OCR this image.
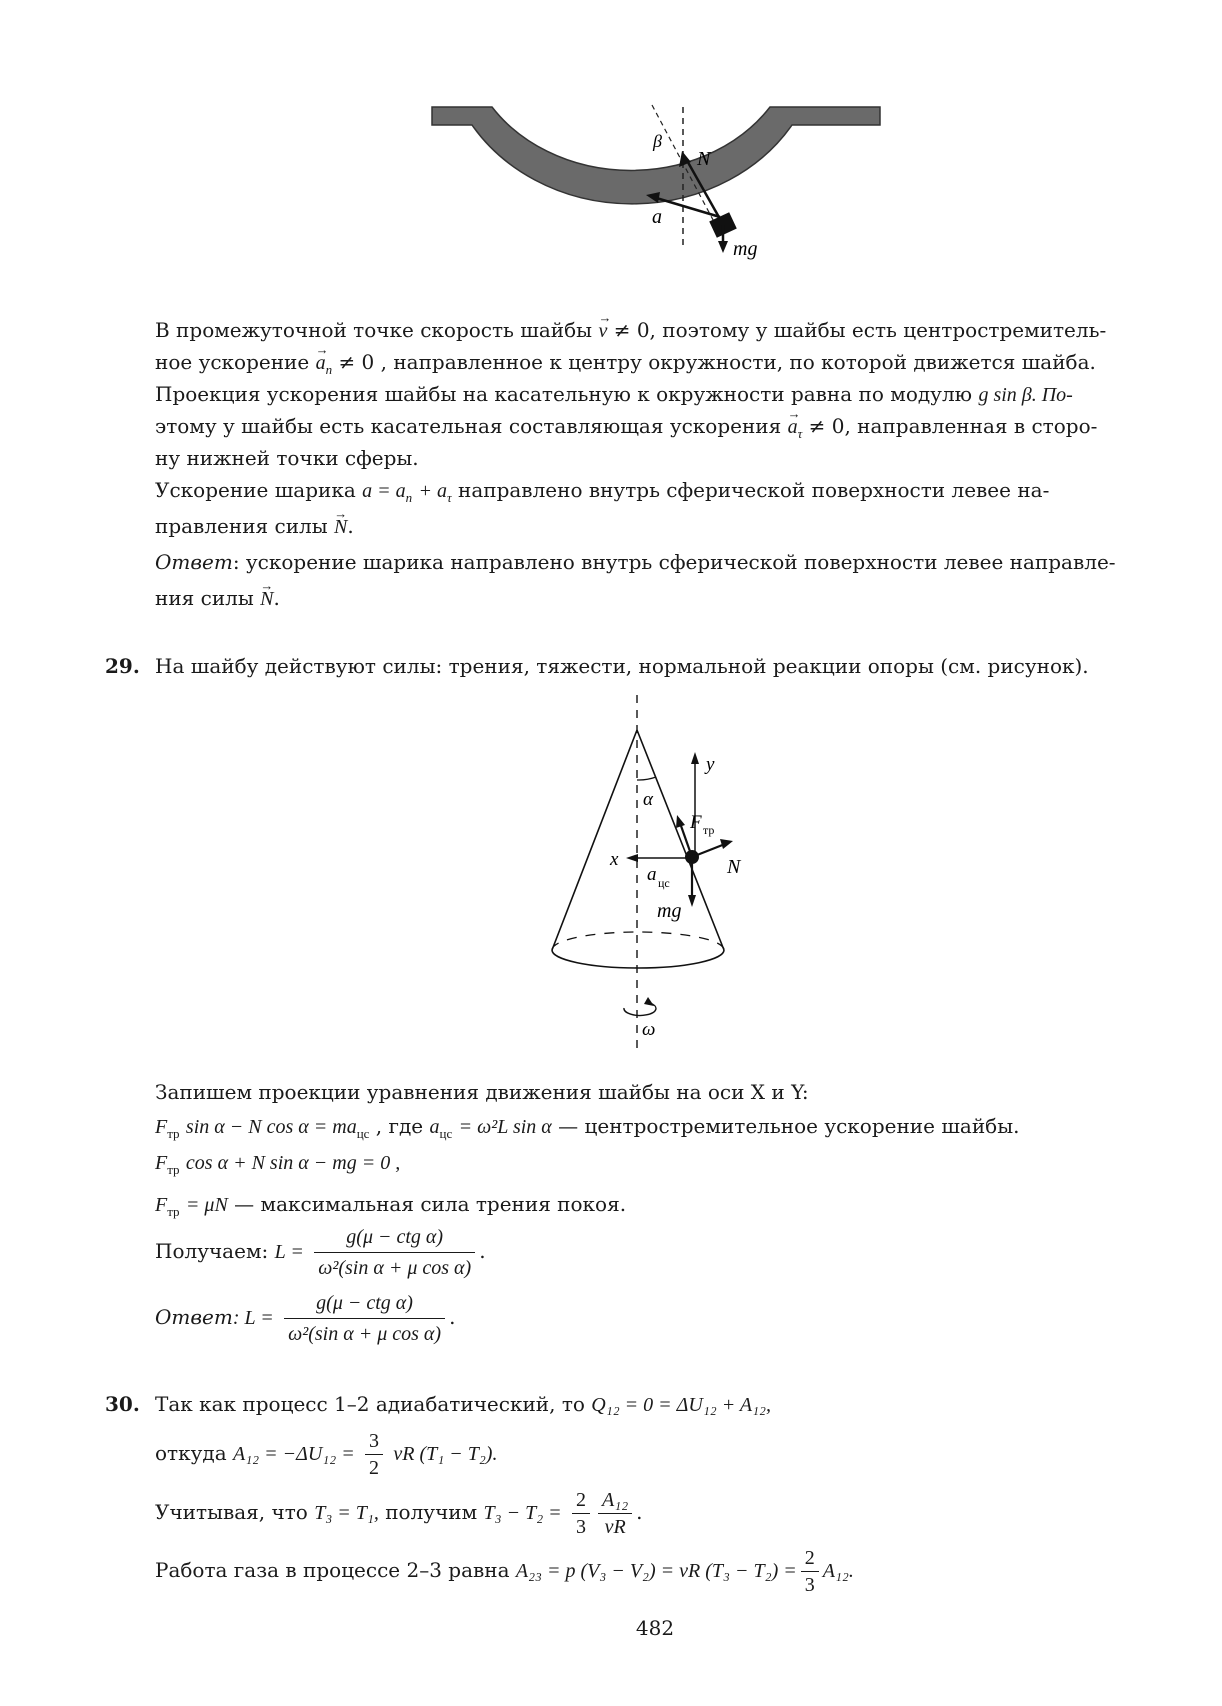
β
N
a
mg
В промежуточной точке скорость шайбы → v ≠ 0, поэтому у шайбы есть центростремитель-
ное ускорение → $a_n \ne 0$ , направленное к центру окружности, по которой движется шайба.
Проекция ускорения шайбы на касательную к окружности равна по модулю g sin β. По-
этому у шайбы есть касательная составляющая ускорения → $a_\tau \ne 0$, направленная в сторо-
ну нижней точки сферы.
Ускорение шарика $a = a_n + a_\tau$ направлено внутрь сферической поверхности левее на-
правления силы → N.
Ответ: ускорение шарика направлено внутрь сферической поверхности левее направле-
ния силы → N.
29. На шайбу действуют силы: трения, тяжести, нормальной реакции опоры (см. рисунок).
α
y
x
F тр
N
mg
a цс
ω
Запишем проекции уравнения движения шайбы на оси X и Y:
$F_{тр}$ sin α − N $\cos \alpha = ma_{цс}$ , где $a_{цс} = \omega^2L$ sin α — центростремительное ускорение шайбы.
$F_{тр}$ cos α + N sin α − mg = 0 ,
$F_{тр} = \mu N$ — максимальная сила трения покоя.
Получаем: $L = \frac{\text{g(μ − ctg α)}}{\text{ω²(sin α + μ cos α)}}$ .
Ответ: $L = \frac{\text{g(μ − ctg α)}}{\text{ω²(sin α + μ cos α)}}$ .
30. Так как процесс 1–2 адиабатический, то Q₁₂ = 0 = ΔU₁₂ + A₁₂,
откуда $A_{12} = -\Delta U_{12} = \frac{3}{2}$ νR (T₁ − T₂).
Учитывая, что T₃ = T₁, получим $T_3 - T_2 = \frac{2}{3} \frac{\text{A₁₂}}{\nu R}$ .
Работа газа в процессе 2–3 равна A₂₃ = p (V₃ − V₂) = νR $(T_3 - T_2) = \frac{2}{3} A_{12}$.
482
